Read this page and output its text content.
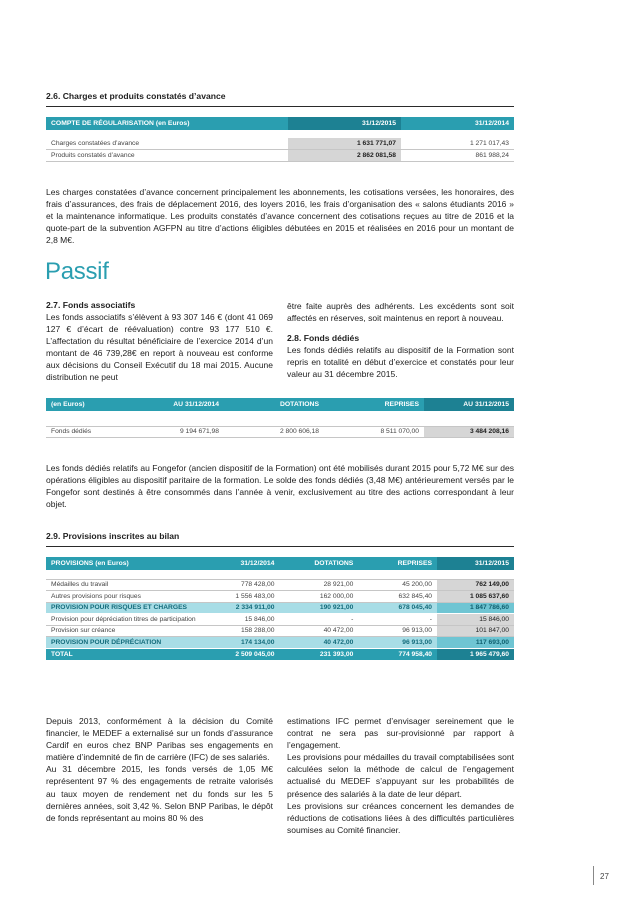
2.6. Charges et produits constatés d’avance
COMPTE DE RÉGULARISATION (en Euros)	31/12/2015	31/12/2014

Charges constatées d’avance	1 631 771,07	1 271 017,43
Produits constatés d’avance	2 862 081,58	861 988,24
Les charges constatées d’avance concernent principalement les abonnements, les cotisations versées, les honoraires, des frais d’assurances, des frais de déplacement 2016, des loyers 2016, les frais d’organisation des « salons étudiants 2016 » et la maintenance informatique. Les produits constatés d’avance concernent des cotisations reçues au titre de 2016 et la quote-part de la subvention AGFPN au titre d’actions éligibles débutées en 2015 et réalisées en 2016 pour un montant de 2,8 M€.
Passif
2.7. Fonds associatifs
Les fonds associatifs s’élèvent à 93 307 146 € (dont 41 069 127 € d’écart de réévaluation) contre 93 177 510 €. L’affectation du résultat bénéficiaire de l’exercice 2014 d’un montant de 46 739,28€ en report à nouveau est conforme aux décisions du Conseil Exécutif du 18 mai 2015. Aucune distribution ne peut
être faite auprès des adhérents. Les excédents sont soit affectés en réserves, soit maintenus en report à nouveau.
2.8. Fonds dédiés
Les fonds dédiés relatifs au dispositif de la Formation sont repris en totalité en début d’exercice et constatés pour leur valeur au 31 décembre 2015.
(en Euros)	AU 31/12/2014	DOTATIONS	REPRISES	AU 31/12/2015

Fonds dédiés	9 194 671,98	2 800 606,18	8 511 070,00	3 484 208,16
Les fonds dédiés relatifs au Fongefor (ancien dispositif de la Formation) ont été mobilisés durant 2015 pour 5,72 M€ sur des opérations éligibles au dispositif paritaire de la formation. Le solde des fonds dédiés (3,48 M€) antérieurement versés par le Fongefor sont destinés à être consommés dans l’année à venir, exclusivement au titre des actions correspondant à leur objet.
2.9. Provisions inscrites au bilan
PROVISIONS (en Euros)	31/12/2014	DOTATIONS	REPRISES	31/12/2015

Médailles du travail	778 428,00	28 921,00	45 200,00	762 149,00
Autres provisions pour risques	1 556 483,00	162 000,00	632 845,40	1 085 637,60
PROVISION POUR RISQUES ET CHARGES	2 334 911,00	190 921,00	678 045,40	1 847 786,60
Provision pour dépréciation titres de participation	15 846,00	-	-	15 846,00
Provision sur créance	158 288,00	40 472,00	96 913,00	101 847,00
PROVISION POUR DÉPRÉCIATION	174 134,00	40 472,00	96 913,00	117 693,00
TOTAL	2 509 045,00	231 393,00	774 958,40	1 965 479,60

Depuis 2013, conformément à la décision du Comité financier, le MEDEF a externalisé sur un fonds d’assurance Cardif en euros chez BNP Paribas ses engagements en matière d’indemnité de fin de carrière (IFC) de ses salariés.

Au 31 décembre 2015, les fonds versés de 1,05 M€ représentent 97 % des engagements de retraite valorisés au taux moyen de rendement net du fonds sur les 5 dernières années, soit 3,42 %. Selon BNP Paribas, le dépôt de fonds représentant au moins 80 % des

estimations IFC permet d’envisager sereinement que le contrat ne sera pas sur-provisionné par rapport à l’engagement.

Les provisions pour médailles du travail comptabilisées sont calculées selon la méthode de calcul de l’engagement actualisé du MEDEF s’appuyant sur les probabilités de présence des salariés à la date de leur départ.

Les provisions sur créances concernent les demandes de réductions de cotisations liées à des difficultés particulières soumises au Comité financier.

27
